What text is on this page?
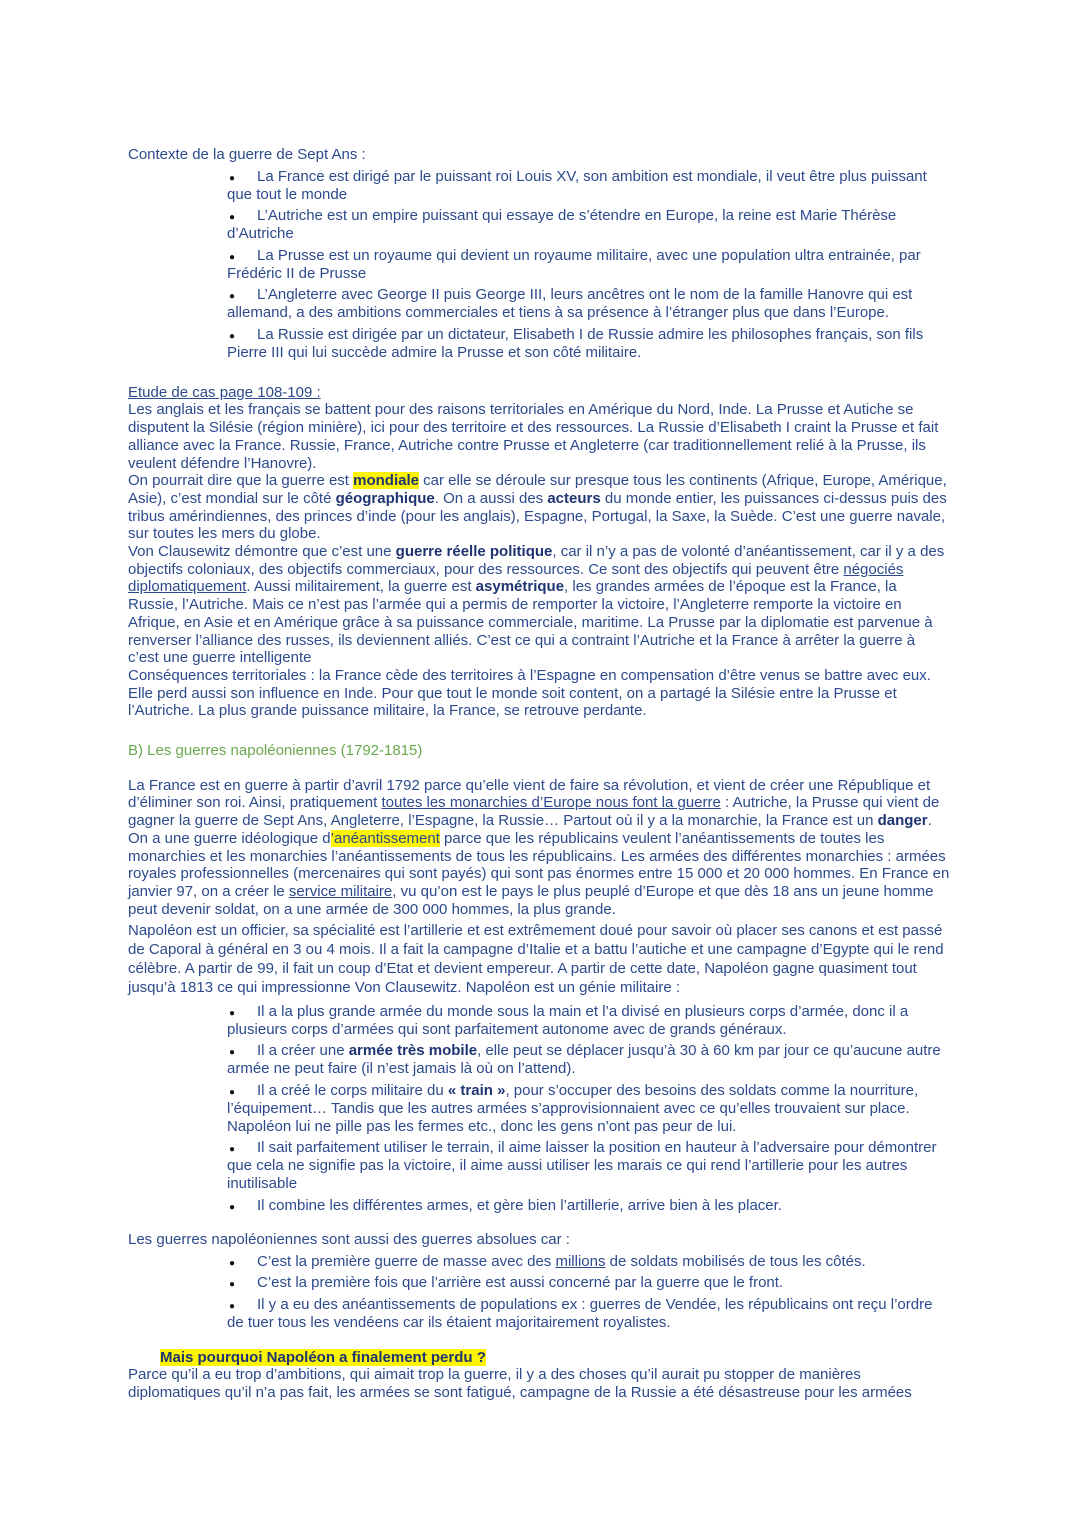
Contexte de la guerre de Sept Ans :

●
La France est dirigé par le puissant roi Louis XV, son ambition est mondiale, il veut être plus puissant que tout le monde
●
L’Autriche est un empire puissant qui essaye de s’étendre en Europe, la reine est Marie Thérèse d’Autriche
●
La Prusse est un royaume qui devient un royaume militaire, avec une population ultra entrainée, par Frédéric II de Prusse
●
L’Angleterre avec George II puis George III, leurs ancêtres ont le nom de la famille Hanovre qui est allemand, a des ambitions commerciales et tiens à sa présence à l’étranger plus que dans l’Europe.
●
La Russie est dirigée par un dictateur, Elisabeth I de Russie admire les philosophes français, son fils Pierre III qui lui succède admire la Prusse et son côté militaire.

Etude de cas page 108-109 :

Les anglais et les français se battent pour des raisons territoriales en Amérique du Nord, Inde. La Prusse et Autiche se disputent la Silésie (région minière), ici pour des territoire et des ressources. La Russie d’Elisabeth I craint la Prusse et fait alliance avec la France. Russie, France, Autriche contre Prusse et Angleterre (car traditionnellement relié à la Prusse, ils veulent défendre l’Hanovre).

On pourrait dire que la guerre est mondiale car elle se déroule sur presque tous les continents (Afrique, Europe, Amérique, Asie), c’est mondial sur le côté géographique. On a aussi des acteurs du monde entier, les puissances ci-dessus puis des tribus amérindiennes, des princes d’inde (pour les anglais), Espagne, Portugal, la Saxe, la Suède. C’est une guerre navale, sur toutes les mers du globe.

Von Clausewitz démontre que c’est une guerre réelle politique, car il n’y a pas de volonté d’anéantissement, car il y a des objectifs coloniaux, des objectifs commerciaux, pour des ressources. Ce sont des objectifs qui peuvent être négociés diplomatiquement. Aussi militairement, la guerre est asymétrique, les grandes armées de l’époque est la France, la Russie, l’Autriche. Mais ce n’est pas l’armée qui a permis de remporter la victoire, l’Angleterre remporte la victoire en Afrique, en Asie et en Amérique grâce à sa puissance commerciale, maritime. La Prusse par la diplomatie est parvenue à renverser l’alliance des russes, ils deviennent alliés. C’est ce qui a contraint l’Autriche et la France à arrêter la guerre à c’est une guerre intelligente

Conséquences territoriales : la France cède des territoires à l’Espagne en compensation d’être venus se battre avec eux. Elle perd aussi son influence en Inde. Pour que tout le monde soit content, on a partagé la Silésie entre la Prusse et l’Autriche. La plus grande puissance militaire, la France, se retrouve perdante.

B) Les guerres napoléoniennes (1792-1815)

La France est en guerre à partir d’avril 1792 parce qu’elle vient de faire sa révolution, et vient de créer une République et d’éliminer son roi. Ainsi, pratiquement toutes les monarchies d’Europe nous font la guerre : Autriche, la Prusse qui vient de gagner la guerre de Sept Ans, Angleterre, l’Espagne, la Russie… Partout où il y a la monarchie, la France est un danger. On a une guerre idéologique d’anéantissement parce que les républicains veulent l’anéantissements de toutes les monarchies et les monarchies l’anéantissements de tous les républicains. Les armées des différentes monarchies : armées royales professionnelles (mercenaires qui sont payés) qui sont pas énormes entre 15 000 et 20 000 hommes. En France en janvier 97, on a créer le service militaire, vu qu’on est le pays le plus peuplé d’Europe et que dès 18 ans un jeune homme peut devenir soldat, on a une armée de 300 000 hommes, la plus grande.

Napoléon est un officier, sa spécialité est l’artillerie et est extrêmement doué pour savoir où placer ses canons et est passé de Caporal à général en 3 ou 4 mois. Il a fait la campagne d’Italie et a battu l’autiche et une campagne d’Egypte qui le rend célèbre. A partir de 99, il fait un coup d’Etat et devient empereur. A partir de cette date, Napoléon gagne quasiment tout jusqu’à 1813 ce qui impressionne Von Clausewitz. Napoléon est un génie militaire :

●
Il a la plus grande armée du monde sous la main et l’a divisé en plusieurs corps d’armée, donc il a plusieurs corps d’armées qui sont parfaitement autonome avec de grands généraux.
●
Il a créer une armée très mobile, elle peut se déplacer jusqu’à 30 à 60 km par jour ce qu’aucune autre armée ne peut faire (il n’est jamais là où on l’attend).
●
Il a créé le corps militaire du « train », pour s’occuper des besoins des soldats comme la nourriture, l’équipement… Tandis que les autres armées s’approvisionnaient avec ce qu’elles trouvaient sur place. Napoléon lui ne pille pas les fermes etc., donc les gens n’ont pas peur de lui.
●
Il sait parfaitement utiliser le terrain, il aime laisser la position en hauteur à l’adversaire pour démontrer que cela ne signifie pas la victoire, il aime aussi utiliser les marais ce qui rend l’artillerie pour les autres inutilisable
●
Il combine les différentes armes, et gère bien l’artillerie, arrive bien à les placer.

Les guerres napoléoniennes sont aussi des guerres absolues car :

●
C’est la première guerre de masse avec des millions de soldats mobilisés de tous les côtés.
●
C’est la première fois que l’arrière est aussi concerné par la guerre que le front.
●
Il y a eu des anéantissements de populations ex : guerres de Vendée, les républicains ont reçu l’ordre de tuer tous les vendéens car ils étaient majoritairement royalistes.

Mais pourquoi Napoléon a finalement perdu ?

Parce qu’il a eu trop d’ambitions, qui aimait trop la guerre, il y a des choses qu’il aurait pu stopper de manières diplomatiques qu’il n’a pas fait, les armées se sont fatigué, campagne de la Russie a été désastreuse pour les armées
